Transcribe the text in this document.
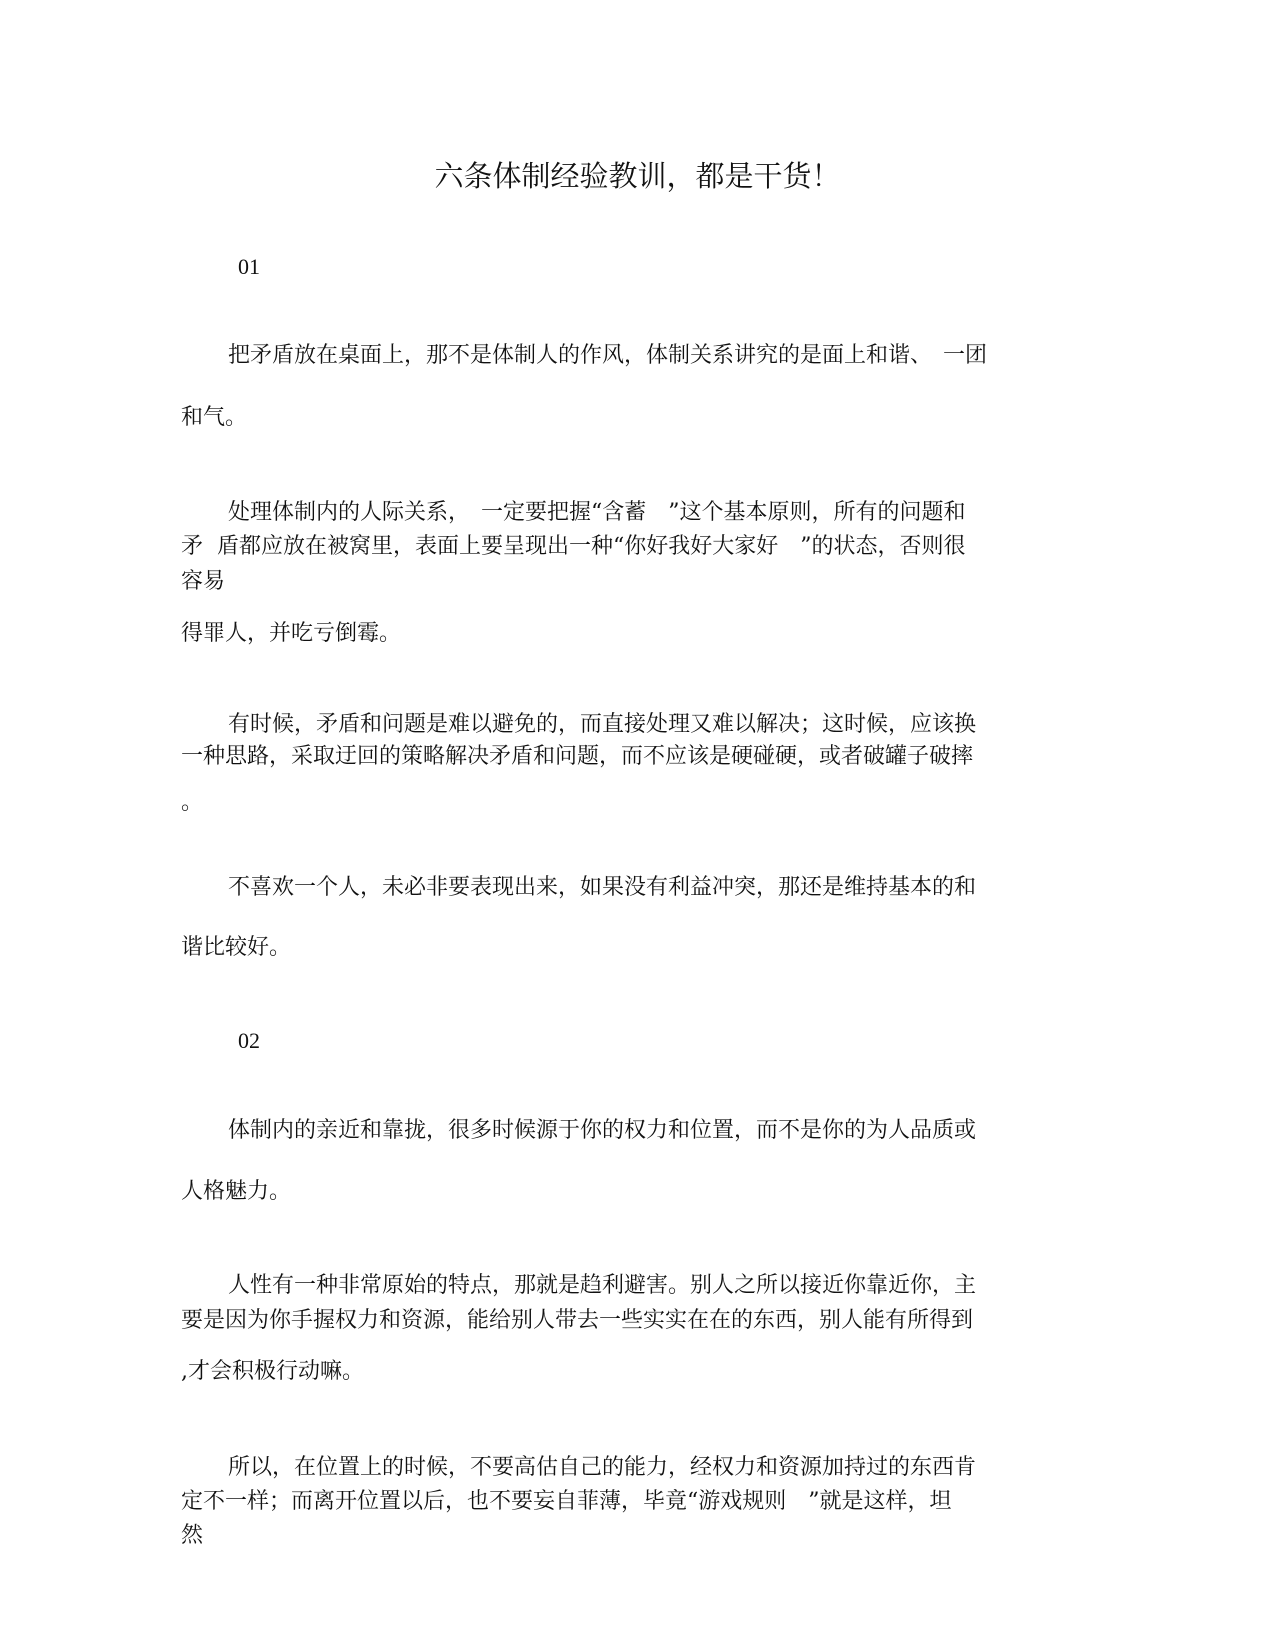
六条体制经验教训，都是干货！
01
把矛盾放在桌面上，那不是体制人的作风，体制关系讲究的是面上和谐、　一团
和气。
处理体制内的人际关系，　一定要把握“含蓄　”这个基本原则，所有的问题和
矛  盾都应放在被窝里，表面上要呈现出一种“你好我好大家好　”的状态，否则很
容易
得罪人，并吃亏倒霉。
有时候，矛盾和问题是难以避免的，而直接处理又难以解决；这时候，应该换
一种思路，采取迂回的策略解决矛盾和问题，而不应该是硬碰硬，或者破罐子破摔
。
不喜欢一个人，未必非要表现出来，如果没有利益冲突，那还是维持基本的和
谐比较好。
02
体制内的亲近和靠拢，很多时候源于你的权力和位置，而不是你的为人品质或
人格魅力。
人性有一种非常原始的特点，那就是趋利避害。别人之所以接近你靠近你，主
要是因为你手握权力和资源，能给别人带去一些实实在在的东西，别人能有所得到
,才会积极行动嘛。
所以，在位置上的时候，不要高估自己的能力，经权力和资源加持过的东西肯
定不一样；而离开位置以后，也不要妄自菲薄，毕竟“游戏规则　”就是这样，坦
然
